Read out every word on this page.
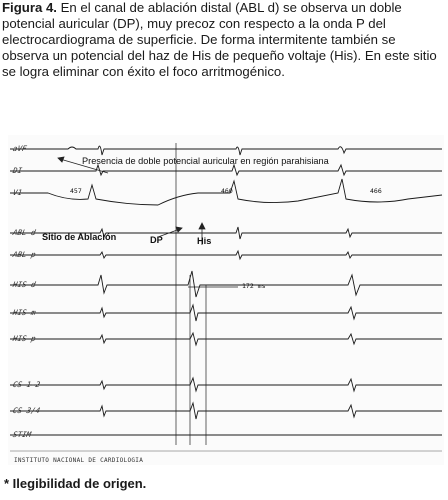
Figura 4. En el canal de ablación distal (ABL d) se observa un doble potencial auricular (DP), muy precoz con respecto a la onda P del electrocardiograma de superficie. De forma intermitente también se observa un potencial del haz de His de pequeño voltaje (His). En este sitio se logra eliminar con éxito el foco arritmogénico.
aVF
DI
V1
ABL d
ABL p
HIS d
HIS m
HIS p
CS 1-2
CS 3/4
STIM
Presencia de doble potencial auricular en región parahisiana
Sitio de Ablación	DP	His
172 ms
457	460	466
INSTITUTO NACIONAL DE CARDIOLOGIA
* Ilegibilidad de origen.
